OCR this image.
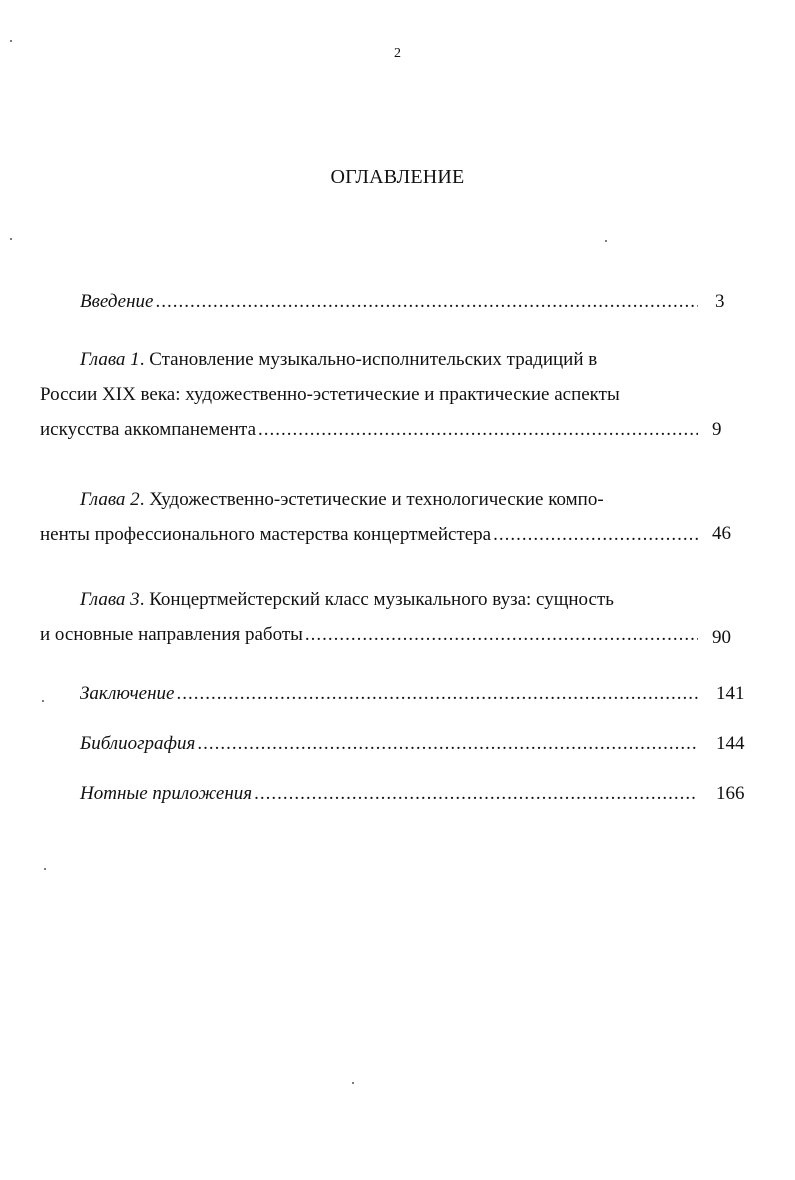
2
ОГЛАВЛЕНИЕ
Введение .....	3
Глава 1. Становление музыкально-исполнительских традиций в
России XIX века: художественно-эстетические и практические аспекты
искусства аккомпанемента .....	9
Глава 2. Художественно-эстетические и технологические компо-
ненты профессионального мастерства концертмейстера .....	46
Глава 3. Концертмейстерский класс музыкального вуза: сущность
и основные направления работы .....	90
Заключение .....	141
Библиография .....	144
Нотные приложения .....	166
